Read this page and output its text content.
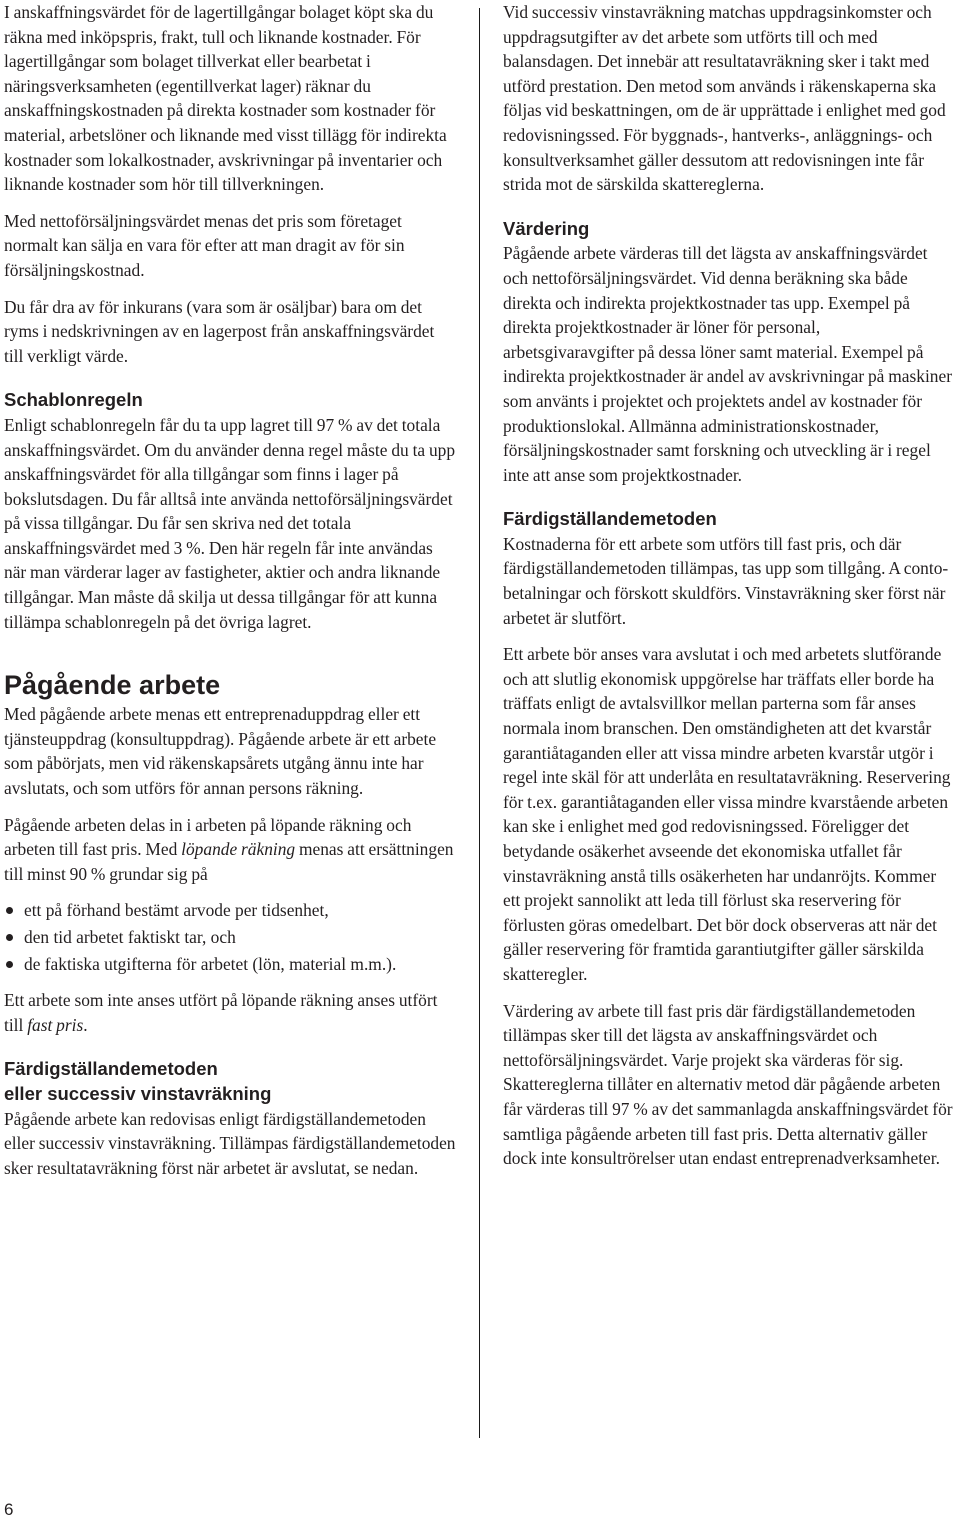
I anskaffningsvärdet för de lagertillgångar bolaget köpt ska du räkna med inköpspris, frakt, tull och liknande kostnader. För lagertillgångar som bolaget tillverkat eller bearbetat i näringsverksamheten (egentillverkat lager) räknar du anskaffningskostnaden på direkta kostnader som kostnader för material, arbetslöner och liknande med visst tillägg för indirekta kostnader som lokalkostnader, avskrivningar på inventarier och liknande kostnader som hör till tillverkningen.

Med nettoförsäljningsvärdet menas det pris som företaget normalt kan sälja en vara för efter att man dragit av för sin försäljningskostnad.

Du får dra av för inkurans (vara som är osäljbar) bara om det ryms i nedskrivningen av en lagerpost från anskaffningsvärdet till verkligt värde.

Schablonregeln

Enligt schablonregeln får du ta upp lagret till 97 % av det totala anskaffningsvärdet. Om du använder denna regel måste du ta upp anskaffningsvärdet för alla tillgångar som finns i lager på bokslutsdagen. Du får alltså inte använda nettoförsäljningsvärdet på vissa tillgångar. Du får sen skriva ned det totala anskaffningsvärdet med 3 %. Den här regeln får inte användas när man värderar lager av fastigheter, aktier och andra liknande tillgångar. Man måste då skilja ut dessa tillgångar för att kunna tillämpa schablonregeln på det övriga lagret.

Pågående arbete

Med pågående arbete menas ett entreprenaduppdrag eller ett tjänsteuppdrag (konsultuppdrag). Pågående arbete är ett arbete som påbörjats, men vid räkenskapsårets utgång ännu inte har avslutats, och som utförs för annan persons räkning.

Pågående arbeten delas in i arbeten på löpande räkning och arbeten till fast pris. Med löpande räkning menas att ersättningen till minst 90 % grundar sig på

ett på förhand bestämt arvode per tidsenhet,
den tid arbetet faktiskt tar, och
de faktiska utgifterna för arbetet (lön, material m.m.).

Ett arbete som inte anses utfört på löpande räkning anses utfört till fast pris.

Färdigställandemetoden
eller successiv vinstavräkning

Pågående arbete kan redovisas enligt färdigställandemetoden eller successiv vinstavräkning. Tillämpas färdigställandemetoden sker resultatavräkning först när arbetet är avslutat, se nedan.

Vid successiv vinstavräkning matchas uppdragsinkomster och uppdragsutgifter av det arbete som utförts till och med balansdagen. Det innebär att resultatavräkning sker i takt med utförd prestation. Den metod som används i räkenskaperna ska följas vid beskattningen, om de är upprättade i enlighet med god redovisningssed. För byggnads-, hantverks-, anläggnings- och konsultverksamhet gäller dessutom att redovisningen inte får strida mot de särskilda skattereglerna.

Värdering

Pågående arbete värderas till det lägsta av anskaffningsvärdet och nettoförsäljningsvärdet. Vid denna beräkning ska både direkta och indirekta projektkostnader tas upp. Exempel på direkta projektkostnader är löner för personal, arbetsgivaravgifter på dessa löner samt material. Exempel på indirekta projektkostnader är andel av avskrivningar på maskiner som använts i projektet och projektets andel av kostnader för produktionslokal. Allmänna administrationskostnader, försäljningskostnader samt forskning och utveckling är i regel inte att anse som projektkostnader.

Färdigställandemetoden

Kostnaderna för ett arbete som utförs till fast pris, och där färdigställandemetoden tillämpas, tas upp som tillgång. A conto-betalningar och förskott skuldförs. Vinstavräkning sker först när arbetet är slutfört.

Ett arbete bör anses vara avslutat i och med arbetets slutförande och att slutlig ekonomisk uppgörelse har träffats eller borde ha träffats enligt de avtalsvillkor mellan parterna som får anses normala inom branschen. Den omständigheten att det kvarstår garantiåtaganden eller att vissa mindre arbeten kvarstår utgör i regel inte skäl för att underlåta en resultatavräkning. Reservering för t.ex. garantiåtaganden eller vissa mindre kvarstående arbeten kan ske i enlighet med god redovisningssed. Föreligger det betydande osäkerhet avseende det ekonomiska utfallet får vinstavräkning anstå tills osäkerheten har undanröjts. Kommer ett projekt sannolikt att leda till förlust ska reservering för förlusten göras omedelbart. Det bör dock observeras att när det gäller reservering för framtida garantiutgifter gäller särskilda skatteregler.

Värdering av arbete till fast pris där färdigställandemetoden tillämpas sker till det lägsta av anskaffningsvärdet och nettoförsäljningsvärdet. Varje projekt ska värderas för sig. Skattereglerna tillåter en alternativ metod där pågående arbeten får värderas till 97 % av det sammanlagda anskaffningsvärdet för samtliga pågående arbeten till fast pris. Detta alternativ gäller dock inte konsultrörelser utan endast entreprenadverksamheter.

6
